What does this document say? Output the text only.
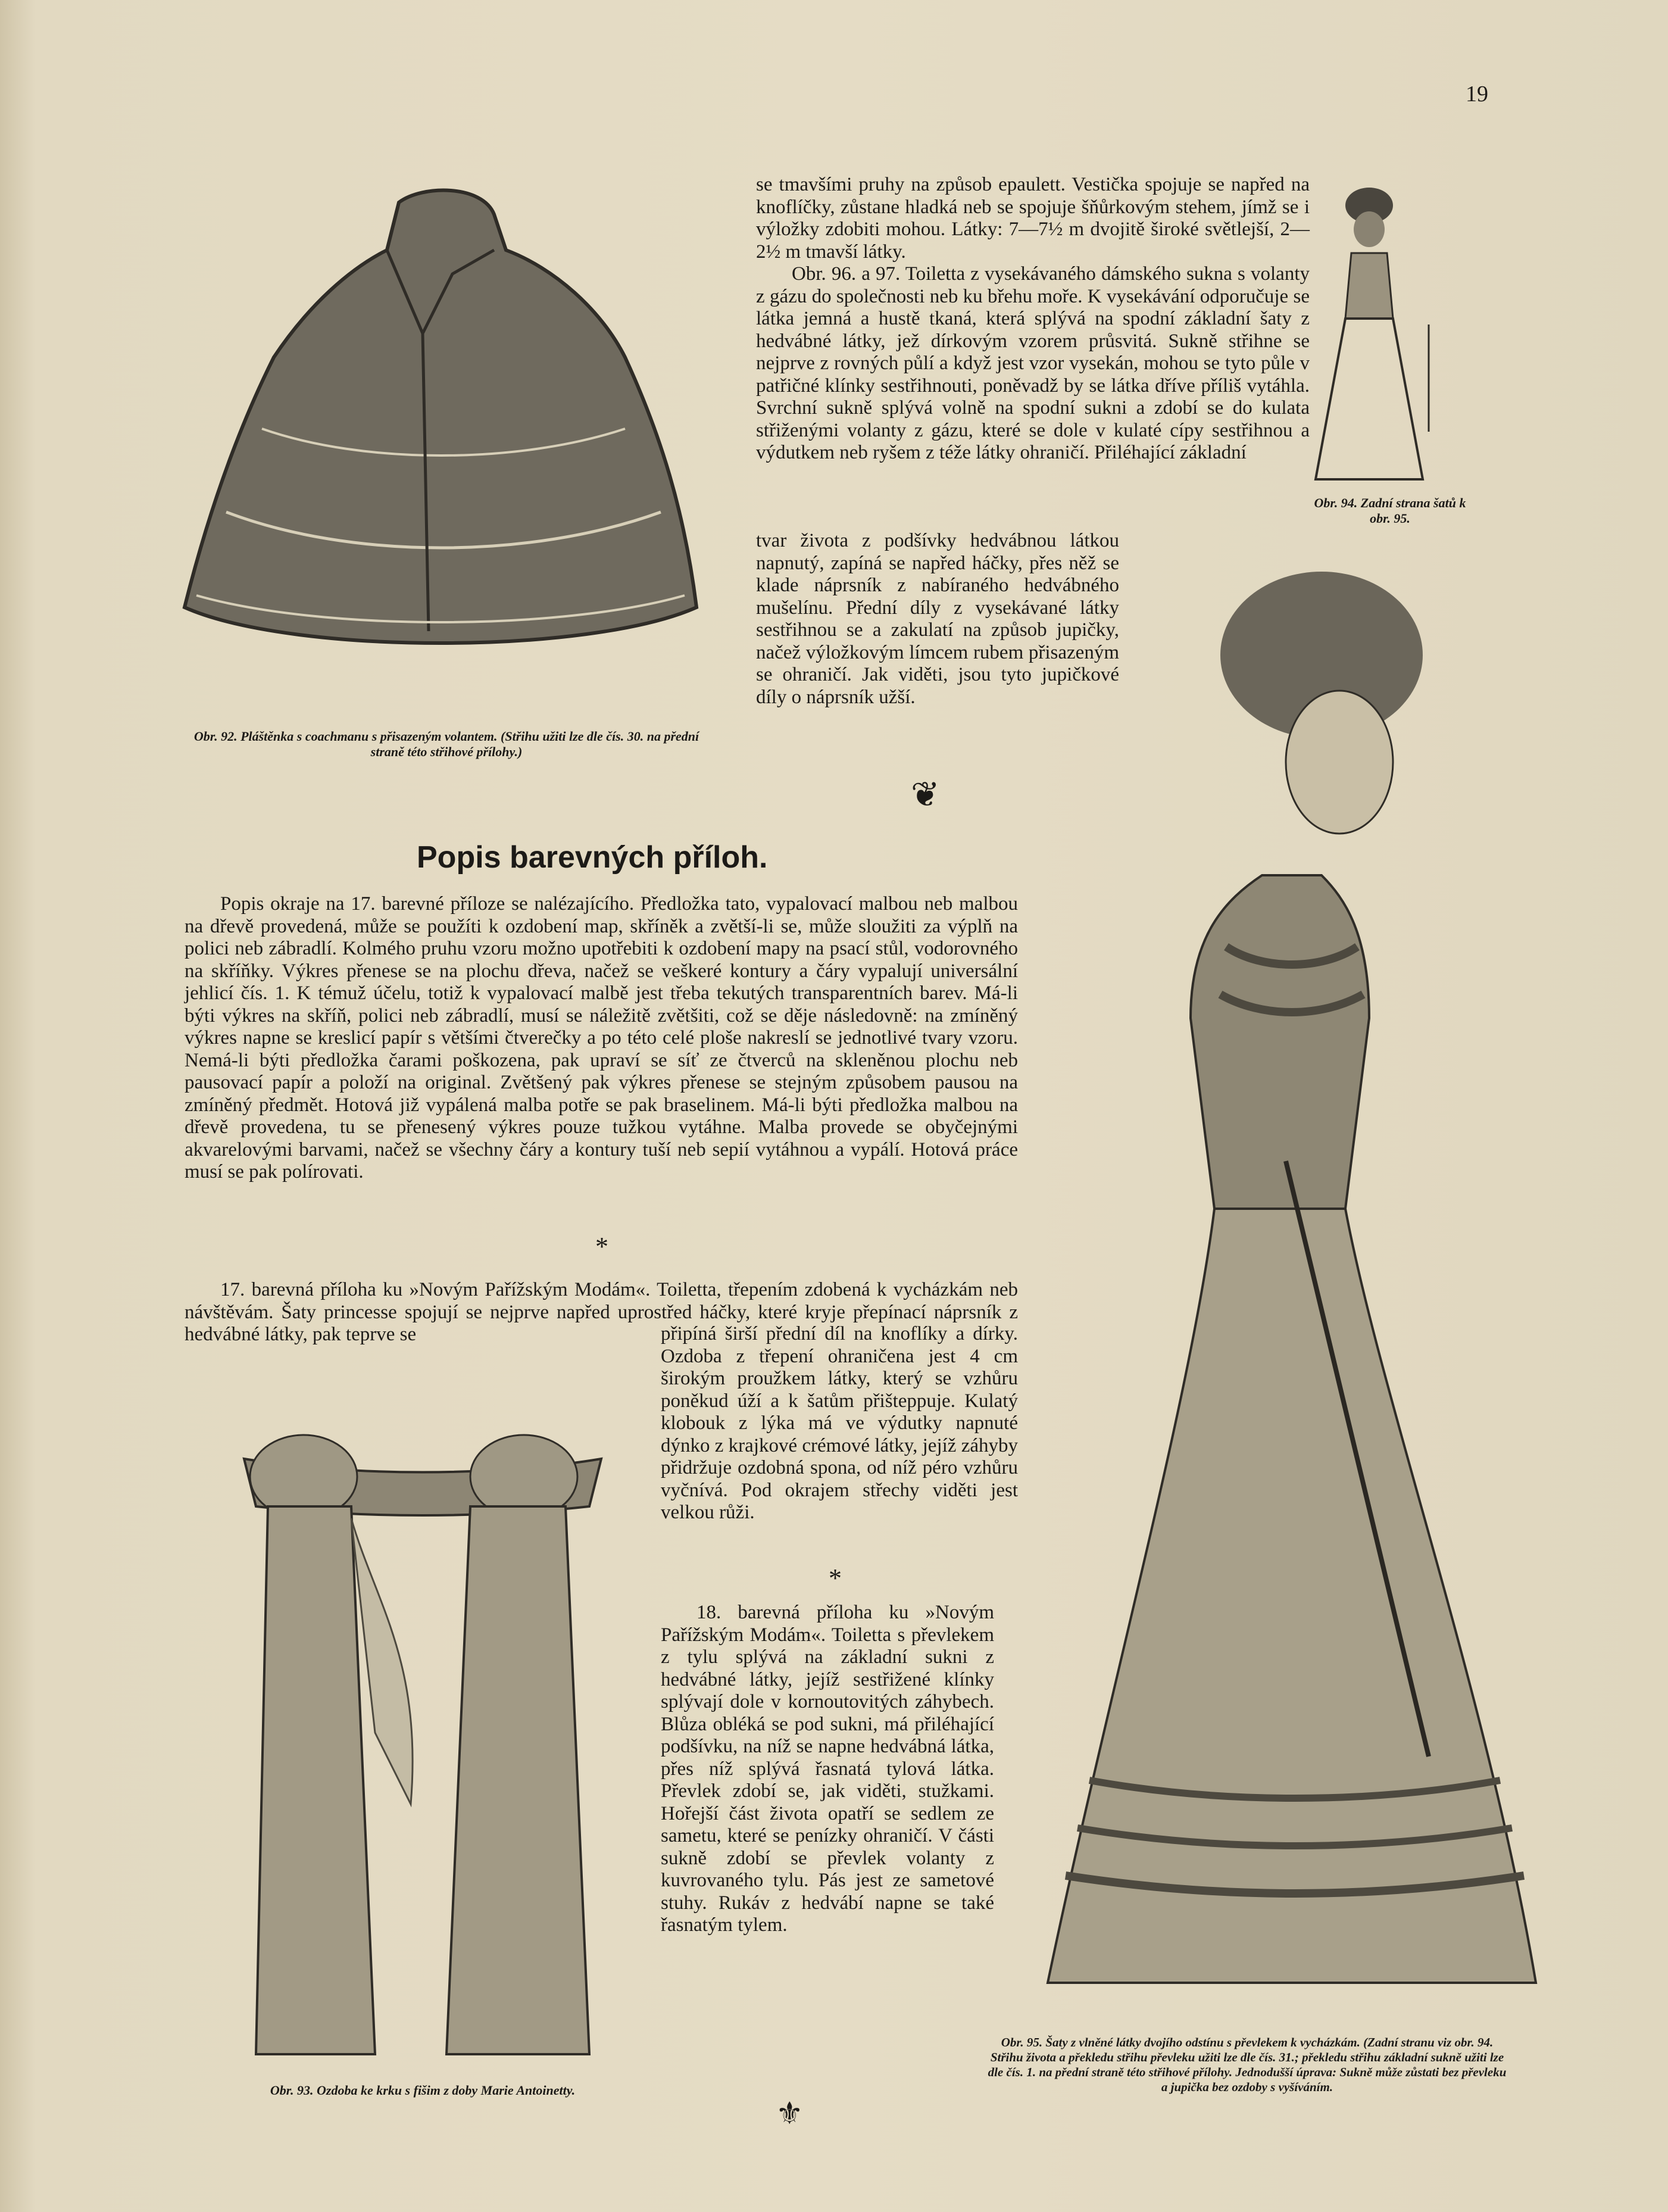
19
Obr. 92. Pláštěnka s coachmanu s přisazeným volantem. (Střihu užiti lze dle čís. 30. na přední straně této střihové přílohy.)

se tmavšími pruhy na způsob epaulett. Vestička spojuje se napřed na knoflíčky, zůstane hladká neb se spojuje šňůrkovým stehem, jímž se i výložky zdobiti mohou. Látky: 7—7½ m dvojitě široké světlejší, 2—2½ m tmavší látky.

Obr. 96. a 97. Toiletta z vysekávaného dámského sukna s volanty z gázu do společnosti neb ku břehu moře. K vysekávání odporučuje se látka jemná a hustě tkaná, která splývá na spodní základní šaty z hedvábné látky, jež dírkovým vzorem průsvitá. Sukně střihne se nejprve z rovných půlí a když jest vzor vysekán, mohou se tyto půle v patřičné klínky sestřihnouti, poněvadž by se látka dříve příliš vytáhla. Svrchní sukně splývá volně na spodní sukni a zdobí se do kulata střiženými volanty z gázu, které se dole v kulaté cípy sestřihnou a výdutkem neb ryšem z téže látky ohraničí. Přiléhající základní

tvar života z podšívky hedvábnou látkou napnutý, zapíná se napřed háčky, přes něž se klade náprsník z nabíraného hedvábného mušelínu. Přední díly z vysekávané látky sestřihnou se a zakulatí na způsob jupičky, načež výložkovým límcem rubem přisazeným se ohraničí. Jak viděti, jsou tyto jupičkové díly o náprsník užší.

Obr. 94. Zadní strana šatů k obr. 95.
Obr. 95. Šaty z vlněné látky dvojího odstínu s převlekem k vycházkám. (Zadní stranu viz obr. 94. Střihu života a překledu střihu převleku užiti lze dle čís. 31.; překledu střihu základní sukně užiti lze dle čís. 1. na přední straně této střihové přílohy. Jednodušší úprava: Sukně může zůstati bez převleku a jupička bez ozdoby s vyšíváním.
❦
Popis barevných příloh.

Popis okraje na 17. barevné příloze se nalézajícího. Předložka tato, vypalovací malbou neb malbou na dřevě provedená, může se použíti k ozdobení map, skříněk a zvětší-li se, může sloužiti za výplň na polici neb zábradlí. Kolmého pruhu vzoru možno upotřebiti k ozdobení mapy na psací stůl, vodorovného na skříňky. Výkres přenese se na plochu dřeva, načež se veškeré kontury a čáry vypalují universální jehlicí čís. 1. K témuž účelu, totiž k vypalovací malbě jest třeba tekutých transparentních barev. Má-li býti výkres na skříň, polici neb zábradlí, musí se náležitě zvětšiti, což se děje následovně: na zmíněný výkres napne se kreslicí papír s většími čtverečky a po této celé ploše nakreslí se jednotlivé tvary vzoru. Nemá-li býti předložka čarami poškozena, pak upraví se síť ze čtverců na skleněnou plochu neb pausovací papír a položí na original. Zvětšený pak výkres přenese se stejným způsobem pausou na zmíněný předmět. Hotová již vypálená malba potře se pak braselinem. Má-li býti předložka malbou na dřevě provedena, tu se přenesený výkres pouze tužkou vytáhne. Malba provede se obyčejnými akvarelovými barvami, načež se všechny čáry a kontury tuší neb sepií vytáhnou a vypálí. Hotová práce musí se pak polírovati.

*

17. barevná příloha ku »Novým Pařížským Modám«. Toiletta, třepením zdobená k vycházkám neb návštěvám. Šaty princesse spojují se nejprve napřed uprostřed háčky, které kryje přepínací náprsník z hedvábné látky, pak teprve se	připíná širší přední díl na knoflíky a dírky. Ozdoba z třepení ohraničena jest 4 cm širokým proužkem látky, který se vzhůru poněkud úží a k šatům přišteppuje. Kulatý klobouk z lýka má ve výdutky napnuté dýnko z krajkové crémové látky, jejíž záhyby přidržuje ozdobná spona, od níž péro vzhůru vyčnívá. Pod okrajem střechy viděti jest velkou růži.

Obr. 93. Ozdoba ke krku s fišim z doby Marie Antoinetty.
*

18. barevná příloha ku »Novým Pařížským Modám«. Toiletta s převlekem z tylu splývá na základní sukni z hedvábné látky, jejíž sestřižené klínky splývají dole v kornoutovitých záhybech. Blůza obléká se pod sukni, má přiléhající podšívku, na níž se napne hedvábná látka, přes níž splývá řasnatá tylová látka. Převlek zdobí se, jak viděti, stužkami. Hořejší část života opatří se sedlem ze sametu, které se penízky ohraničí. V části sukně zdobí se převlek volanty z kuvrovaného tylu. Pás jest ze sametové stuhy. Rukáv z hedvábí napne se také řasnatým tylem.

⚜
